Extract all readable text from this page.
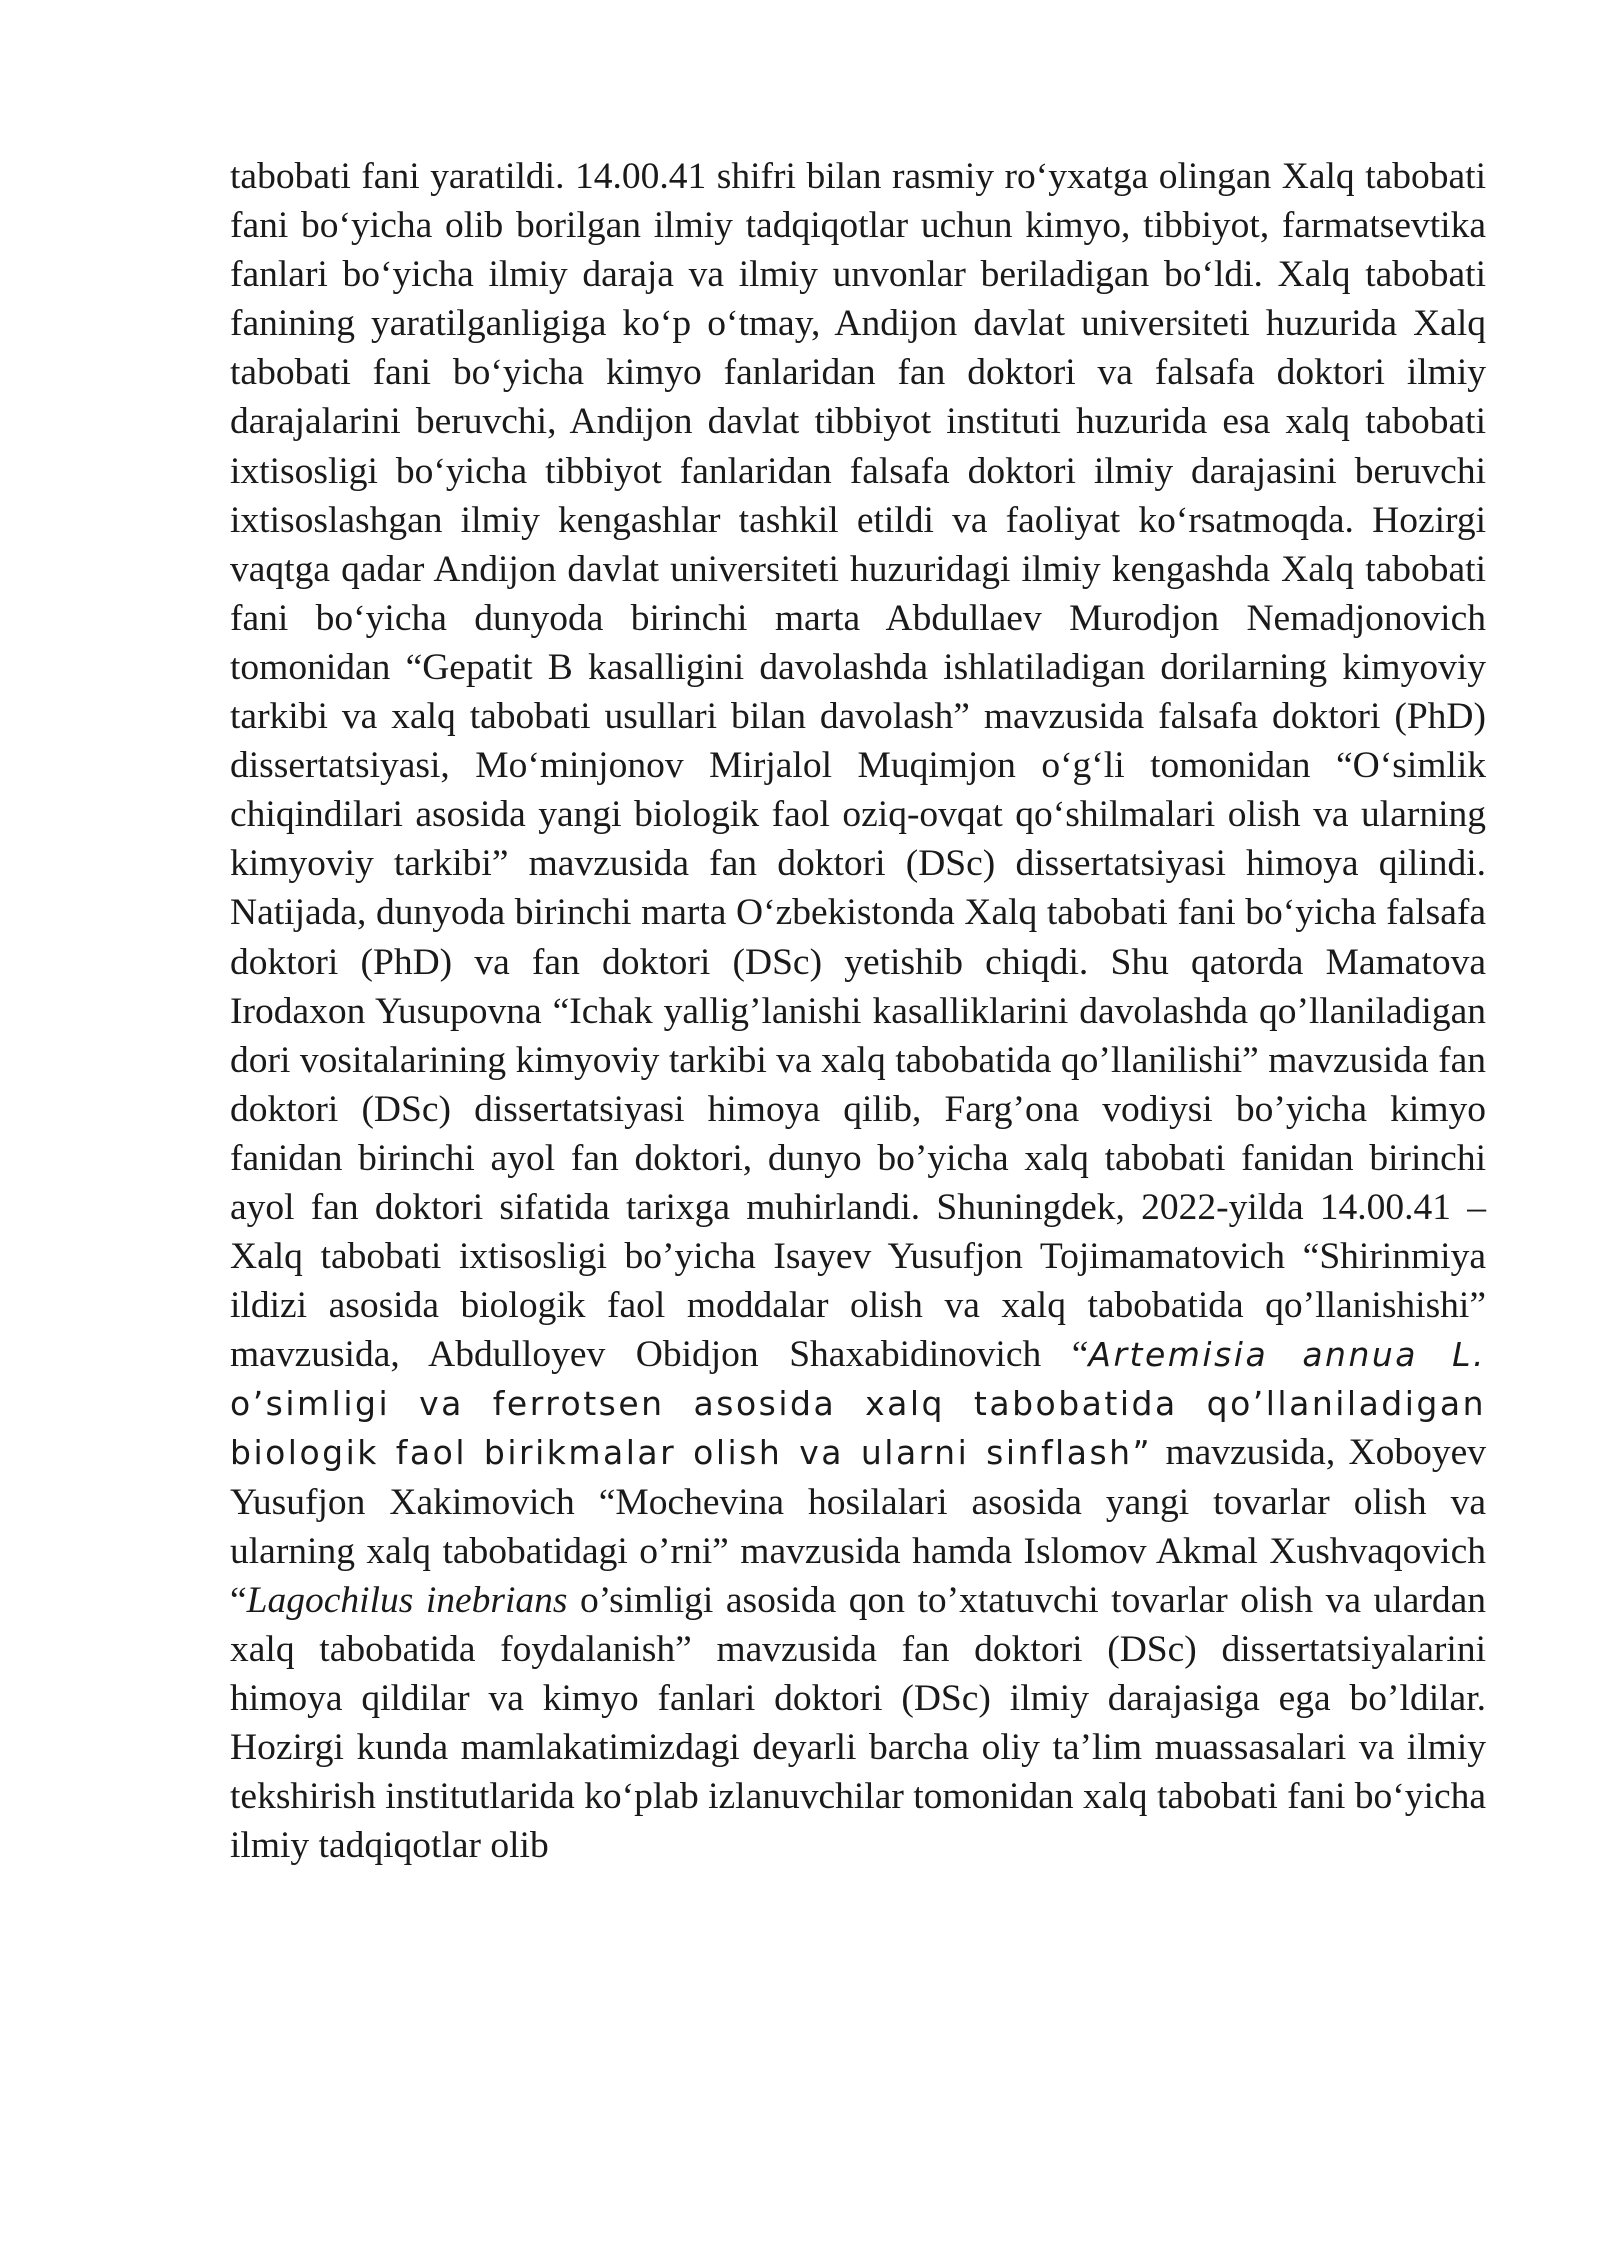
tabobati fani yaratildi. 14.00.41 shifri bilan rasmiy ro‘yxatga olingan Xalq tabobati fani bo‘yicha olib borilgan ilmiy tadqiqotlar uchun kimyo, tibbiyot, farmatsevtika fanlari bo‘yicha ilmiy daraja va ilmiy unvonlar beriladigan bo‘ldi. Xalq tabobati fanining yaratilganligiga ko‘p o‘tmay, Andijon davlat universiteti huzurida Xalq tabobati fani bo‘yicha kimyo fanlaridan fan doktori va falsafa doktori ilmiy darajalarini beruvchi, Andijon davlat tibbiyot instituti huzurida esa xalq tabobati ixtisosligi bo‘yicha tibbiyot fanlaridan falsafa doktori ilmiy darajasini beruvchi ixtisoslashgan ilmiy kengashlar tashkil etildi va faoliyat ko‘rsatmoqda. Hozirgi vaqtga qadar Andijon davlat universiteti huzuridagi ilmiy kengashda Xalq tabobati fani bo‘yicha dunyoda birinchi marta Abdullaev Murodjon Nemadjonovich tomonidan “Gepatit B kasalligini davolashda ishlatiladigan dorilarning kimyoviy tarkibi va xalq tabobati usullari bilan davolash” mavzusida falsafa doktori (PhD) dissertatsiyasi, Mo‘minjonov Mirjalol Muqimjon o‘g‘li tomonidan “O‘simlik chiqindilari asosida yangi biologik faol oziq-ovqat qo‘shilmalari olish va ularning kimyoviy tarkibi” mavzusida fan doktori (DSc) dissertatsiyasi himoya qilindi. Natijada, dunyoda birinchi marta O‘zbekistonda Xalq tabobati fani bo‘yicha falsafa doktori (PhD) va fan doktori (DSc) yetishib chiqdi. Shu qatorda Mamatova Irodaxon Yusupovna “Ichak yallig’lanishi kasalliklarini davolashda qo’llaniladigan dori vositalarining kimyoviy tarkibi va xalq tabobatida qo’llanilishi” mavzusida fan doktori (DSc) dissertatsiyasi himoya qilib, Farg’ona vodiysi bo’yicha kimyo fanidan birinchi ayol fan doktori, dunyo bo’yicha xalq tabobati fanidan birinchi ayol fan doktori sifatida tarixga muhirlandi. Shuningdek, 2022-yilda 14.00.41 – Xalq tabobati ixtisosligi bo’yicha Isayev Yusufjon Tojimamatovich “Shirinmiya ildizi asosida biologik faol moddalar olish va xalq tabobatida qo’llanishishi” mavzusida, Abdulloyev Obidjon Shaxabidinovich “Artemisia annua L. o’simligi va ferrotsen asosida xalq tabobatida qo’llaniladigan biologik faol birikmalar olish va ularni sinflash” mavzusida, Xoboyev Yusufjon Xakimovich “Mochevina hosilalari asosida yangi tovarlar olish va ularning xalq tabobatidagi o’rni” mavzusida hamda Islomov Akmal Xushvaqovich “Lagochilus inebrians o’simligi asosida qon to’xtatuvchi tovarlar olish va ulardan xalq tabobatida foydalanish” mavzusida fan doktori (DSc) dissertatsiyalarini himoya qildilar va kimyo fanlari doktori (DSc) ilmiy darajasiga ega bo’ldilar. Hozirgi kunda mamlakatimizdagi deyarli barcha oliy ta’lim muassasalari va ilmiy tekshirish institutlarida ko‘plab izlanuvchilar tomonidan xalq tabobati fani bo‘yicha ilmiy tadqiqotlar olib
